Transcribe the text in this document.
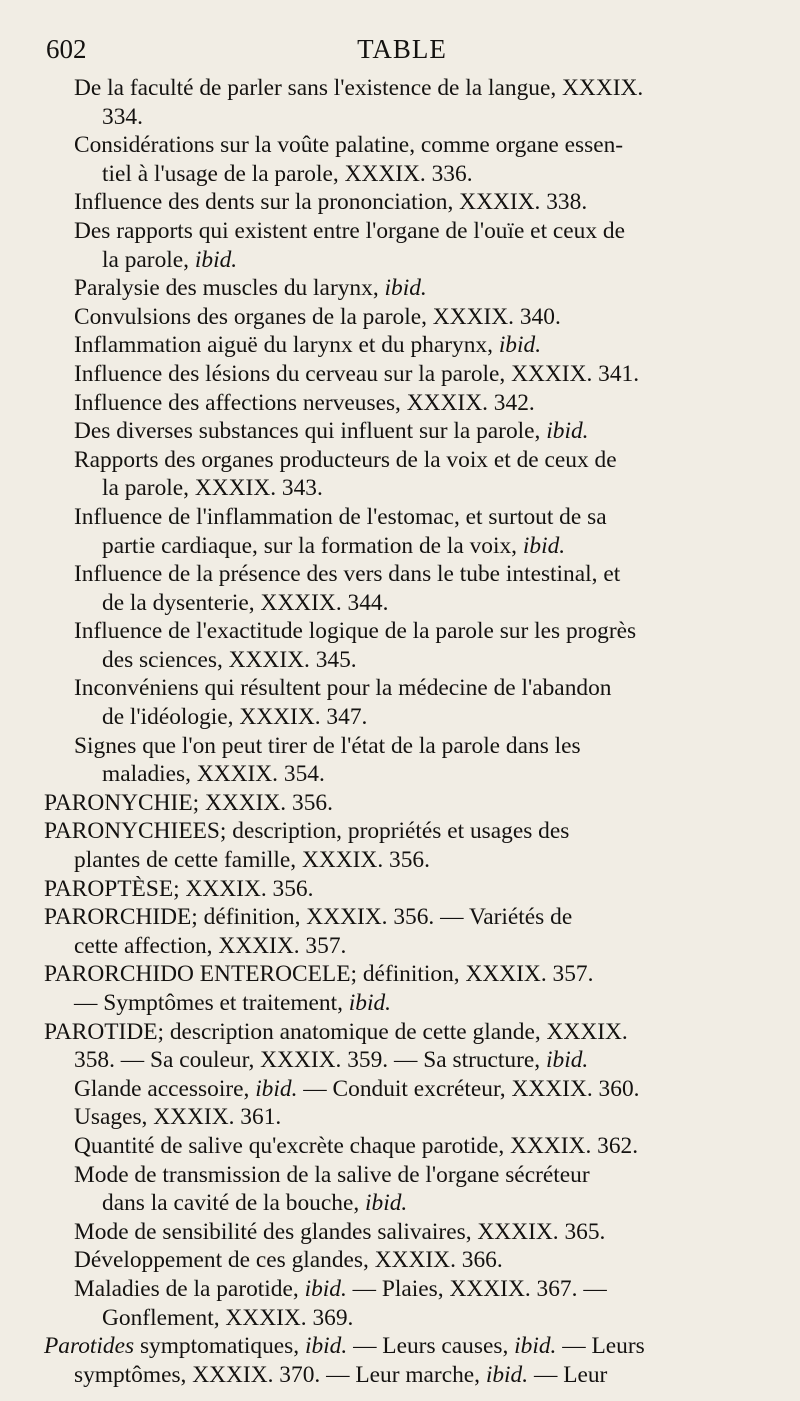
602	TABLE
De la faculté de parler sans l'existence de la langue, XXXIX.
334.
Considérations sur la voûte palatine, comme organe essen-
tiel à l'usage de la parole, XXXIX. 336.
Influence des dents sur la prononciation, XXXIX. 338.
Des rapports qui existent entre l'organe de l'ouïe et ceux de
la parole, ibid.
Paralysie des muscles du larynx, ibid.
Convulsions des organes de la parole, XXXIX. 340.
Inflammation aiguë du larynx et du pharynx, ibid.
Influence des lésions du cerveau sur la parole, XXXIX. 341.
Influence des affections nerveuses, XXXIX. 342.
Des diverses substances qui influent sur la parole, ibid.
Rapports des organes producteurs de la voix et de ceux de
la parole, XXXIX. 343.
Influence de l'inflammation de l'estomac, et surtout de sa
partie cardiaque, sur la formation de la voix, ibid.
Influence de la présence des vers dans le tube intestinal, et
de la dysenterie, XXXIX. 344.
Influence de l'exactitude logique de la parole sur les progrès
des sciences, XXXIX. 345.
Inconvéniens qui résultent pour la médecine de l'abandon
de l'idéologie, XXXIX. 347.
Signes que l'on peut tirer de l'état de la parole dans les
maladies, XXXIX. 354.
PARONYCHIE; XXXIX. 356.
PARONYCHIEES; description, propriétés et usages des
plantes de cette famille, XXXIX. 356.
PAROPTÈSE; XXXIX. 356.
PARORCHIDE; définition, XXXIX. 356. — Variétés de
cette affection, XXXIX. 357.
PARORCHIDO ENTEROCELE; définition, XXXIX. 357.
— Symptômes et traitement, ibid.
PAROTIDE; description anatomique de cette glande, XXXIX.
358. — Sa couleur, XXXIX. 359. — Sa structure, ibid.
Glande accessoire, ibid. — Conduit excréteur, XXXIX. 360.
Usages, XXXIX. 361.
Quantité de salive qu'excrète chaque parotide, XXXIX. 362.
Mode de transmission de la salive de l'organe sécréteur
dans la cavité de la bouche, ibid.
Mode de sensibilité des glandes salivaires, XXXIX. 365.
Développement de ces glandes, XXXIX. 366.
Maladies de la parotide, ibid. — Plaies, XXXIX. 367. —
Gonflement, XXXIX. 369.
Parotides symptomatiques, ibid. — Leurs causes, ibid. — Leurs
symptômes, XXXIX. 370. — Leur marche, ibid. — Leur
